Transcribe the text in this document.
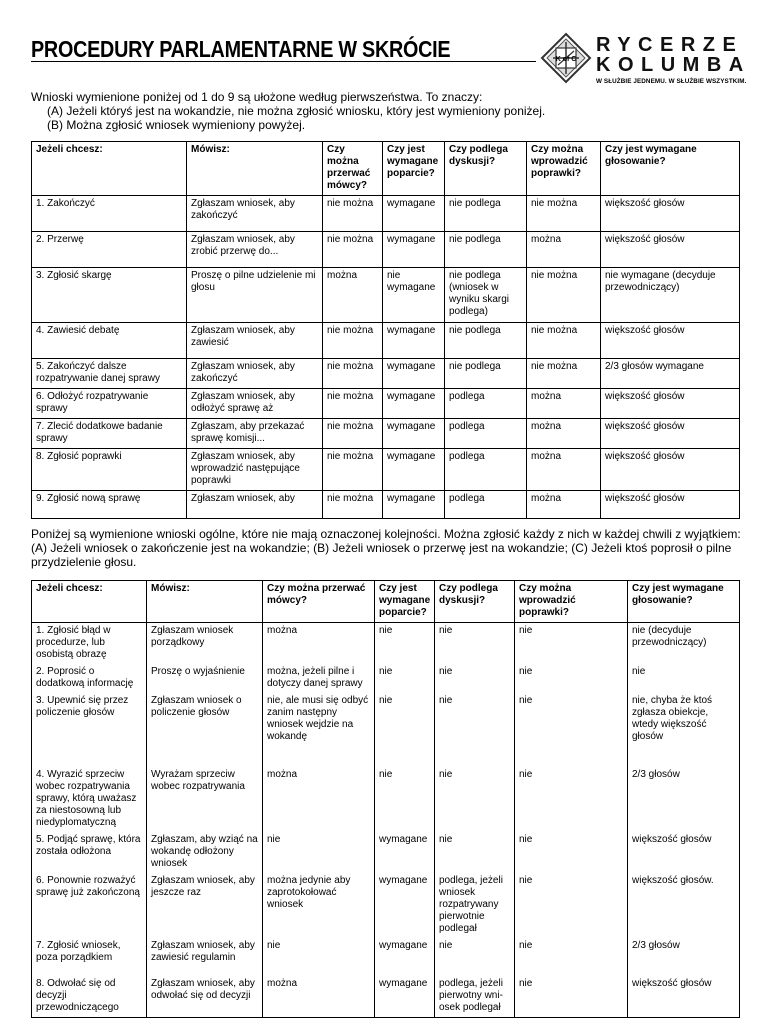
PROCEDURY PARLAMENTARNE W SKRÓCIE	K of C
RYCERZE
KOLUMBA
W SŁUŻBIE JEDNEMU. W SŁUŻBIE WSZYSTKIM.
Wnioski wymienione poniżej od 1 do 9 są ułożone według pierwszeństwa. To znaczy:
(A) Jeżeli któryś jest na wokandzie, nie można zgłosić wniosku, który jest wymieniony poniżej.
(B) Można zgłosić wniosek wymieniony powyżej.
Jeżeli chcesz:	Mówisz:	Czy można przerwać mówcy?	Czy jest wymagane poparcie?	Czy podlega dyskusji?	Czy można wprowadzić poprawki?	Czy jest wymagane głosowanie?
1. Zakończyć	Zgłaszam wniosek, aby zakończyć	nie można	wymagane	nie podlega	nie można	większość głosów
2. Przerwę	Zgłaszam wniosek, aby zrobić przerwę do...	nie można	wymagane	nie podlega	można	większość głosów
3. Zgłosić skargę	Proszę o pilne udzielenie mi głosu	można	nie wymagane	nie podlega (wniosek w wyniku skargi podlega)	nie można	nie wymagane (decyduje przewodniczący)
4. Zawiesić debatę	Zgłaszam wniosek, aby zawiesić	nie można	wymagane	nie podlega	nie można	większość głosów
5. Zakończyć dalsze rozpatrywanie danej sprawy	Zgłaszam wniosek, aby zakończyć	nie można	wymagane	nie podlega	nie można	2/3 głosów wymagane
6. Odłożyć rozpatrywanie sprawy	Zgłaszam wniosek, aby odłożyć sprawę aż	nie można	wymagane	podlega	można	większość głosów
7. Zlecić dodatkowe badanie sprawy	Zgłaszam, aby przekazać sprawę komisji...	nie można	wymagane	podlega	można	większość głosów
8. Zgłosić poprawki	Zgłaszam wniosek, aby wprowadzić następujące poprawki	nie można	wymagane	podlega	można	większość głosów
9. Zgłosić nową sprawę	Zgłaszam wniosek, aby	nie można	wymagane	podlega	można	większość głosów
Poniżej są wymienione wnioski ogólne, które nie mają oznaczonej kolejności. Można zgłosić każdy z nich w każdej chwili z wyjątkiem: (A) Jeżeli wniosek o zakończenie jest na wokandzie; (B) Jeżeli wniosek o przerwę jest na wokandzie; (C) Jeżeli ktoś poprosił o pilne przydzielenie głosu.
Jeżeli chcesz:	Mówisz:	Czy można przerwać mówcy?	Czy jest wymagane poparcie?	Czy podlega dyskusji?	Czy można wprowadzić poprawki?	Czy jest wymagane głosowanie?
1. Zgłosić błąd w procedurze, lub osobistą obrazę	Zgłaszam wniosek porządkowy	można	nie	nie	nie	nie (decyduje przewodniczący)
2. Poprosić o dodatkową informację	Proszę o wyjaśnienie	można, jeżeli pilne i dotyczy danej sprawy	nie	nie	nie	nie
3. Upewnić się przez policzenie głosów	Zgłaszam wniosek o policzenie głosów	nie, ale musi się odbyć zanim następny wniosek wejdzie na wokandę	nie	nie	nie	nie, chyba że ktoś zgłasza obiekcje, wtedy większość głosów
4. Wyrazić sprzeciw wobec rozpatrywania sprawy, którą uważasz za niestosowną lub niedyplomatyczną	Wyrażam sprzeciw wobec rozpatrywania	można	nie	nie	nie	2/3 głosów
5. Podjąć sprawę, która została odłożona	Zgłaszam, aby wziąć na wokandę odłożony wniosek	nie	wymagane	nie	nie	większość głosów
6. Ponownie rozważyć sprawę już zakończoną	Zgłaszam wniosek, aby jeszcze raz	można jedynie aby zaprotokołować wniosek	wymagane	podlega, jeżeli wniosek rozpatrywany pierwotnie podlegał	nie	większość głosów.
7. Zgłosić wniosek, poza porządkiem	Zgłaszam wniosek, aby zawiesić regulamin	nie	wymagane	nie	nie	2/3 głosów
8. Odwołać się od decyzji przewodniczącego	Zgłaszam wniosek, aby odwołać się od decyzji	można	wymagane	podlega, jeżeli pierwotny wni-osek podlegał	nie	większość głosów
